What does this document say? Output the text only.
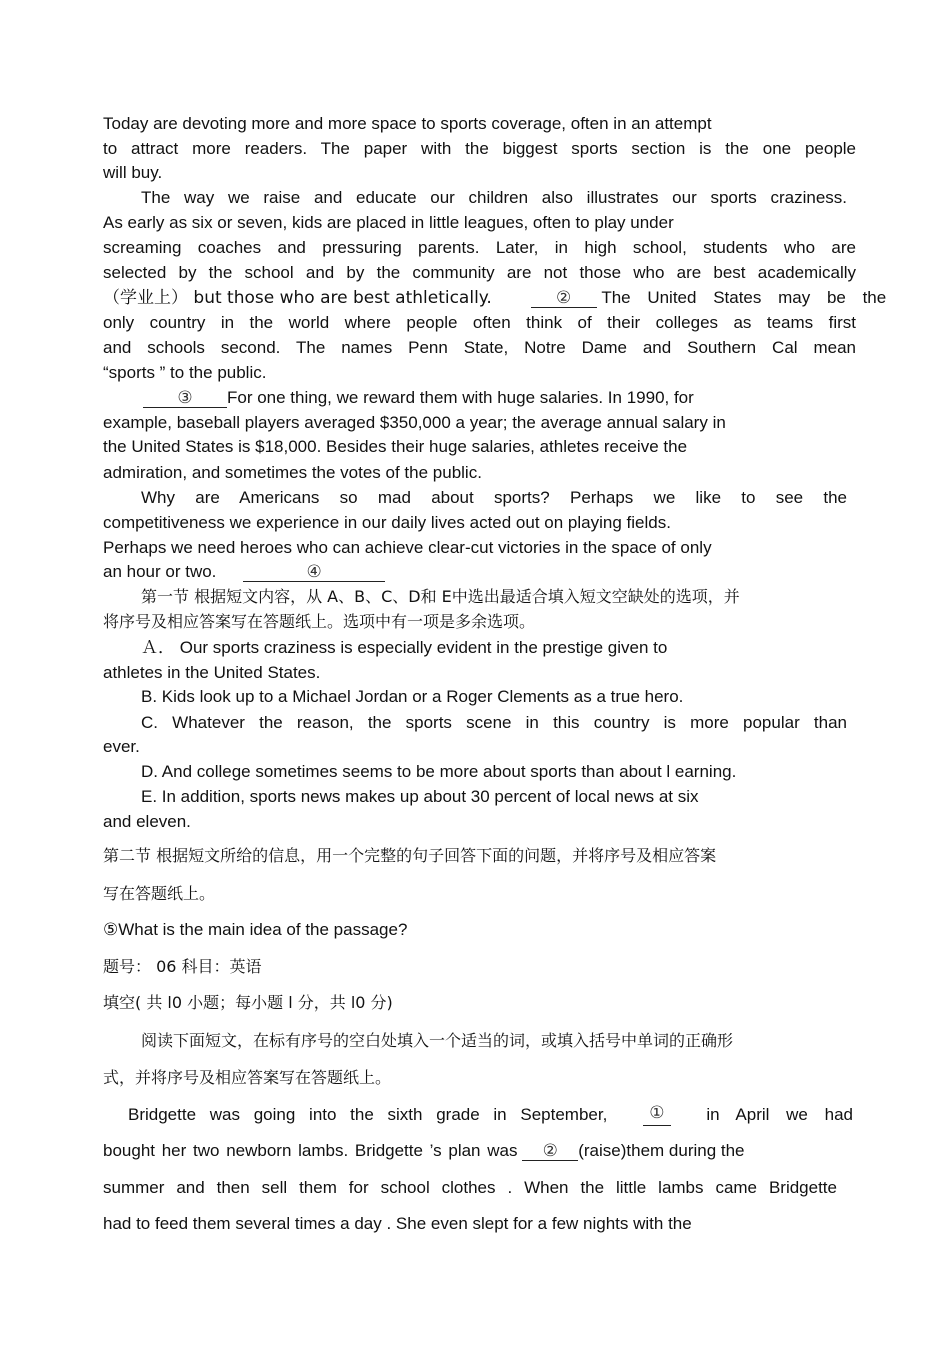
Today are devoting more and more space to sports coverage, often in an attempt
to attract more readers. The paper with the biggest sports section is the one people
will buy.
The way we raise and educate our children also illustrates our sports craziness.
As early as six or seven, kids are placed in little leagues, often to play under
screaming coaches and pressuring parents. Later, in high school, students who are
selected by the school and by the community are not those who are best academically
（学业上） but those who are best athletically.	② The United States may be the
only country in the world where people often think of their colleges as teams first
and schools second. The names Penn State, Notre Dame and Southern Cal mean
“sports ” to the public.
③ For one thing, we reward them with huge salaries. In 1990, for
example, baseball players averaged $350,000 a year; the average annual salary in
the United States is $18,000. Besides their huge salaries, athletes receive the
admiration, and sometimes the votes of the public.
Why are Americans so mad about sports? Perhaps we like to see the
competitiveness we experience in our daily lives acted out on playing fields.
Perhaps we need heroes who can achieve clear-cut victories in the space of only
an hour or two.	④
第一节 根据短文内容，从 A、B、C、D和 E中选出最适合填入短文空缺处的选项，并
将序号及相应答案写在答题纸上。选项中有一项是多余选项。
Ａ． Our sports craziness is especially evident in the prestige given to
athletes in the United States.
B. Kids look up to a Michael Jordan or a Roger Clements as a true hero.
C. Whatever the reason, the sports scene in this country is more popular than
ever.
D. And college sometimes seems to be more about sports than about l earning.
E. In addition, sports news makes up about 30 percent of local news at six
and eleven.
第二节 根据短文所给的信息，用一个完整的句子回答下面的问题，并将序号及相应答案
写在答题纸上。
⑤What is the main idea of the passage?
题号： 06 科目：英语
填空( 共 l0 小题；每小题 l 分，共 l0 分)
阅读下面短文，在标有序号的空白处填入一个适当的词，或填入括号中单词的正确形
式，并将序号及相应答案写在答题纸上。
Bridgette was going into the sixth grade in September,	①	in April we had
bought her two newborn lambs. Bridgette ’s plan was ② (raise)them during the
summer and then sell them for school clothes . When the little lambs came Bridgette
had to feed them several times a day . She even slept for a few nights with the
